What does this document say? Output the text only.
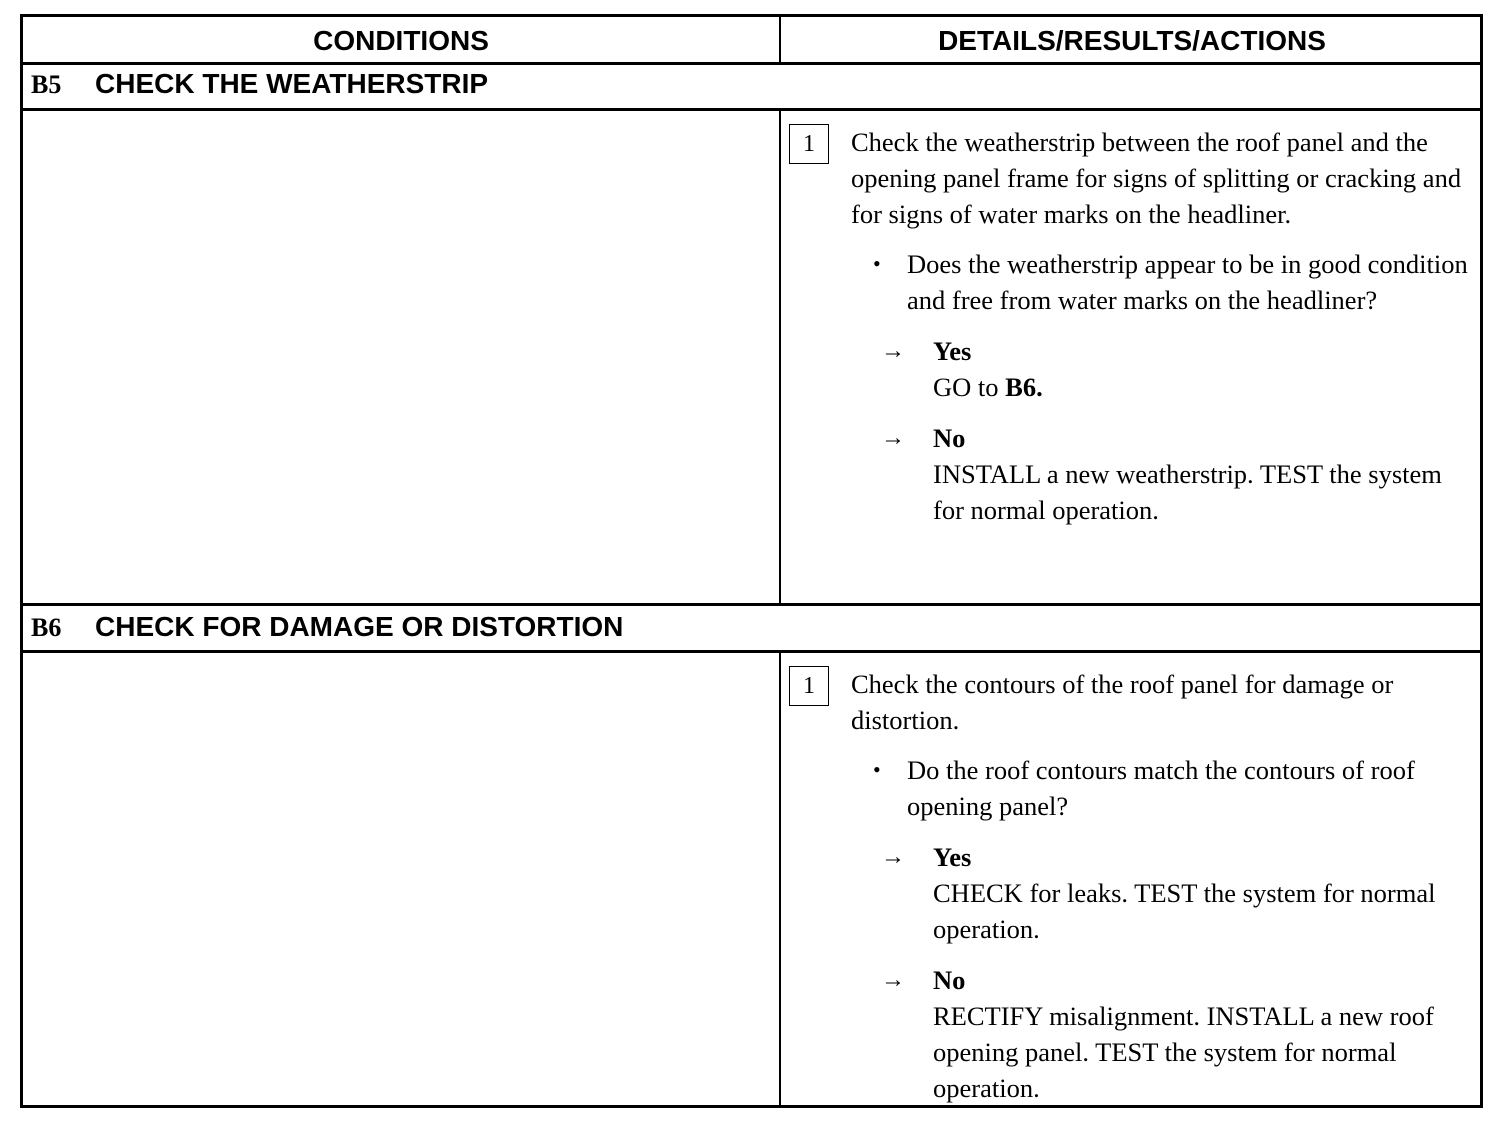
CONDITIONS	DETAILS/RESULTS/ACTIONS
B5 CHECK THE WEATHERSTRIP
1	Check the weatherstrip between the roof panel and the opening panel frame for signs of splitting or cracking and for signs of water marks on the headliner.

• Does the weatherstrip appear to be in good condition and free from water marks on the headliner?
→ Yes
GO to B6.
→ No
INSTALL a new weatherstrip. TEST the system for normal operation.
B6 CHECK FOR DAMAGE OR DISTORTION
1	Check the contours of the roof panel for damage or distortion.

• Do the roof contours match the contours of roof opening panel?
→ Yes
CHECK for leaks. TEST the system for normal operation.
→ No
RECTIFY misalignment. INSTALL a new roof opening panel. TEST the system for normal operation.
